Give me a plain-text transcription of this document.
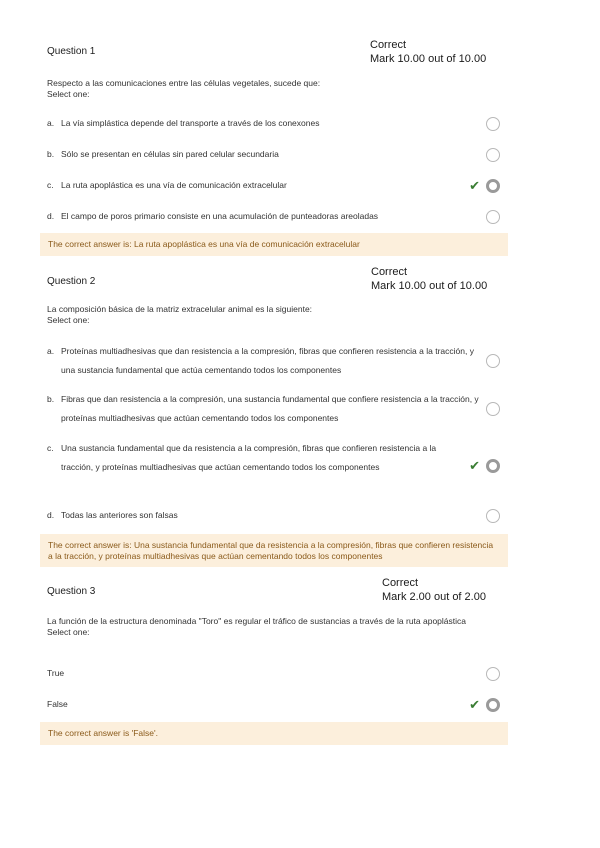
Question 1
Correct
Mark 10.00 out of 10.00
Respecto a las comunicaciones entre las células vegetales, sucede que:
Select one:
a. La vía simplástica depende del transporte a través de los conexones
b. Sólo se presentan en células sin pared celular secundaria
c. La ruta apoplástica es una vía de comunicación extracelular	✔
d. El campo de poros primario consiste en una acumulación de punteadoras areoladas
The correct answer is: La ruta apoplástica es una vía de comunicación extracelular
Question 2
Correct
Mark 10.00 out of 10.00
La composición básica de la matriz extracelular animal es la siguiente:
Select one:
a. Proteínas multiadhesivas que dan resistencia a la compresión, fibras que confieren resistencia a la tracción, y una sustancia fundamental que actúa cementando todos los componentes
b. Fibras que dan resistencia a la compresión, una sustancia fundamental que confiere resistencia a la tracción, y proteínas multiadhesivas que actúan cementando todos los componentes
c. Una sustancia fundamental que da resistencia a la compresión, fibras que confieren resistencia a la tracción, y proteínas multiadhesivas que actúan cementando todos los componentes	✔
d. Todas las anteriores son falsas
The correct answer is: Una sustancia fundamental que da resistencia a la compresión, fibras que confieren resistencia a la tracción, y proteínas multiadhesivas que actúan cementando todos los componentes
Question 3
Correct
Mark 2.00 out of 2.00
La función de la estructura denominada "Toro" es regular el tráfico de sustancias a través de la ruta apoplástica
Select one:
True
False	✔
The correct answer is 'False'.
